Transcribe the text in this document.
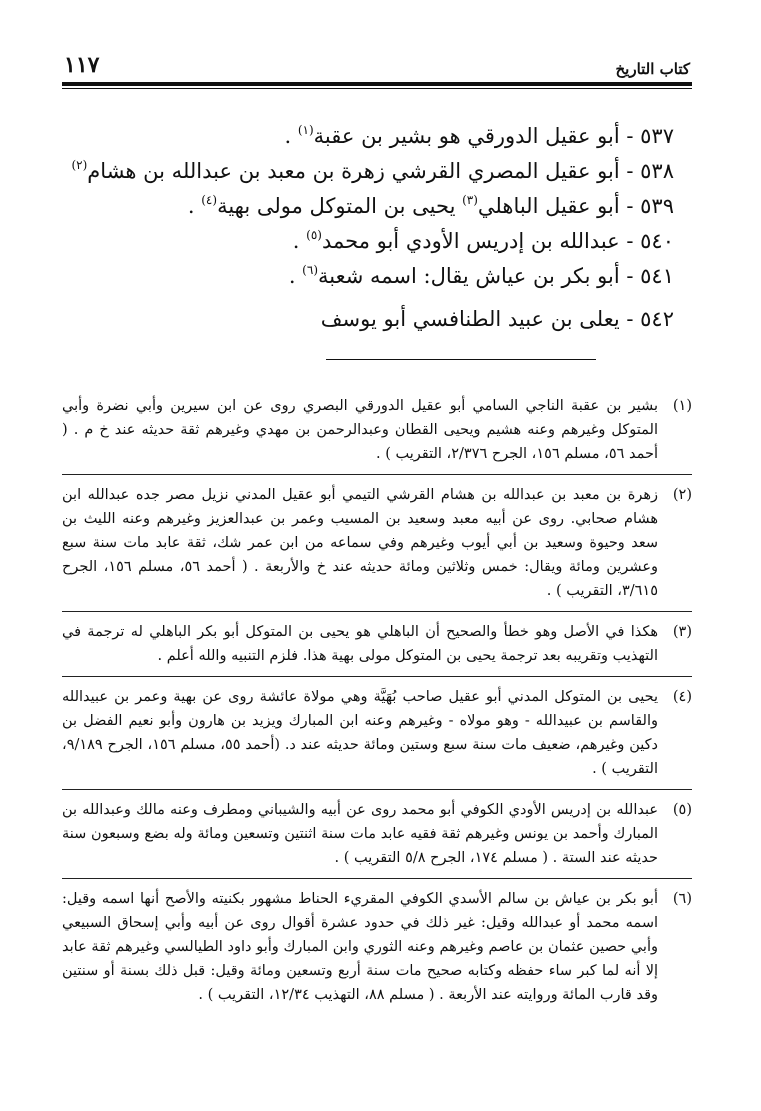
كتاب التاريخ
١١٧
٥٣٧ - أبو عقيل الدورقي هو بشير بن عقبة$^{(١)}$ .
٥٣٨ - أبو عقيل المصري القرشي زهرة بن معبد بن عبدالله بن هشام$^{(٢)}$
٥٣٩ - أبو عقيل الباهلي$^{(٣)}$ يحيى بن المتوكل مولى بهية$^{(٤)}$ .
٥٤٠ - عبدالله بن إدريس الأودي أبو محمد$^{(٥)}$ .
٥٤١ - أبو بكر بن عياش يقال: اسمه شعبة$^{(٦)}$ .
٥٤٢ - يعلى بن عبيد الطنافسي أبو يوسف
(١)
بشير بن عقبة الناجي السامي أبو عقيل الدورقي البصري روى عن ابن سيرين وأبي نضرة وأبي المتوكل وغيرهم وعنه هشيم ويحيى القطان وعبدالرحمن بن مهدي وغيرهم ثقة حديثه عند خ م . ( أحمد ٥٦، مسلم ١٥٦، الجرح ٢/٣٧٦، التقريب ) .
(٢)
زهرة بن معبد بن عبدالله بن هشام القرشي التيمي أبو عقيل المدني نزيل مصر جده عبدالله ابن هشام صحابي. روى عن أبيه معبد وسعيد بن المسيب وعمر بن عبدالعزيز وغيرهم وعنه الليث بن سعد وحيوة وسعيد بن أبي أيوب وغيرهم وفي سماعه من ابن عمر شك، ثقة عابد مات سنة سبع وعشرين ومائة ويقال: خمس وثلاثين ومائة حديثه عند خ والأربعة . ( أحمد ٥٦، مسلم ١٥٦، الجرح ٣/٦١٥، التقريب ) .
(٣)
هكذا في الأصل وهو خطأ والصحيح أن الباهلي هو يحيى بن المتوكل أبو بكر الباهلي له ترجمة في التهذيب وتقريبه بعد ترجمة يحيى بن المتوكل مولى بهية هذا. فلزم التنبيه والله أعلم .
(٤)
يحيى بن المتوكل المدني أبو عقيل صاحب بُهَيَّة وهي مولاة عائشة روى عن بهية وعمر بن عبيدالله والقاسم بن عبيدالله - وهو مولاه - وغيرهم وعنه ابن المبارك ويزيد بن هارون وأبو نعيم الفضل بن دكين وغيرهم، ضعيف مات سنة سبع وستين ومائة حديثه عند د. (أحمد ٥٥، مسلم ١٥٦، الجرح ٩/١٨٩، التقريب ) .
(٥)
عبدالله بن إدريس الأودي الكوفي أبو محمد روى عن أبيه والشيباني ومطرف وعنه مالك وعبدالله بن المبارك وأحمد بن يونس وغيرهم ثقة فقيه عابد مات سنة اثنتين وتسعين ومائة وله بضع وسبعون سنة حديثه عند الستة . ( مسلم ١٧٤، الجرح ٥/٨ التقريب ) .
(٦)
أبو بكر بن عياش بن سالم الأسدي الكوفي المقريء الحناط مشهور بكنيته والأصح أنها اسمه وقيل: اسمه محمد أو عبدالله وقيل: غير ذلك في حدود عشرة أقوال روى عن أبيه وأبي إسحاق السبيعي وأبي حصين عثمان بن عاصم وغيرهم وعنه الثوري وابن المبارك وأبو داود الطيالسي وغيرهم ثقة عابد إلا أنه لما كبر ساء حفظه وكتابه صحيح مات سنة أربع وتسعين ومائة وقيل: قبل ذلك بسنة أو سنتين وقد قارب المائة وروايته عند الأربعة . ( مسلم ٨٨، التهذيب ١٢/٣٤، التقريب ) .
